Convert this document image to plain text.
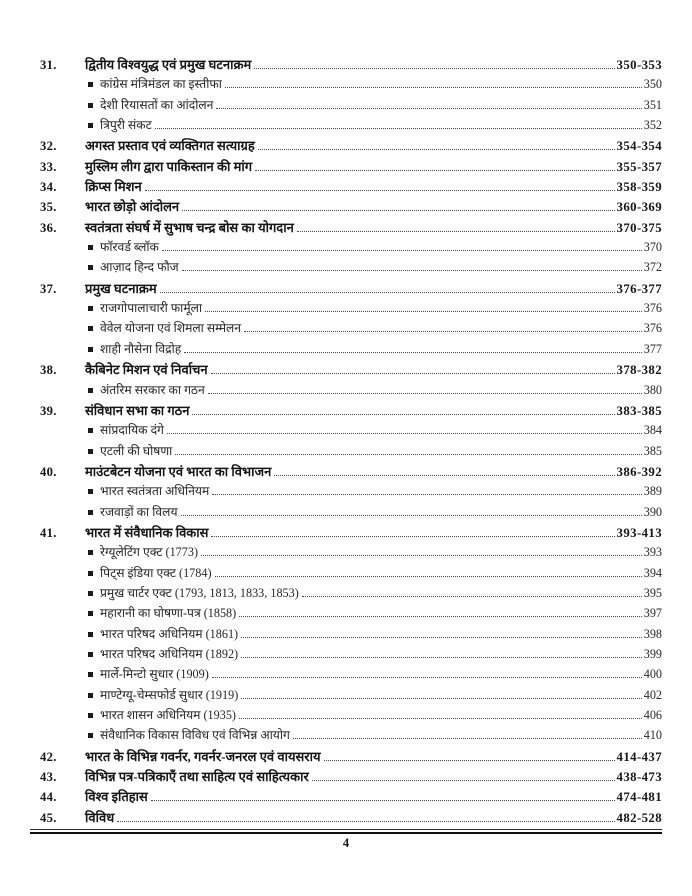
31.	द्वितीय विश्वयुद्ध एवं प्रमुख घटनाक्रम	350-353
कांग्रेस मंत्रिमंडल का इस्तीफा	350
देशी रियासतों का आंदोलन	351
त्रिपुरी संकट	352
32.	अगस्त प्रस्ताव एवं व्यक्तिगत सत्याग्रह	354-354
33.	मुस्लिम लीग द्वारा पाकिस्तान की मांग	355-357
34.	क्रिप्स मिशन	358-359
35.	भारत छोड़ो आंदोलन	360-369
36.	स्वतंत्रता संघर्ष में सुभाष चन्द्र बोस का योगदान	370-375
फॉरवर्ड ब्लॉक	370
आज़ाद हिन्द फौज	372
37.	प्रमुख घटनाक्रम	376-377
राजगोपालाचारी फार्मूला	376
वेवेल योजना एवं शिमला सम्मेलन	376
शाही नौसेना विद्रोह	377
38.	कैबिनेट मिशन एवं निर्वाचन	378-382
अंतरिम सरकार का गठन	380
39.	संविधान सभा का गठन	383-385
सांप्रदायिक दंगे	384
एटली की घोषणा	385
40.	माउंटबेटन योजना एवं भारत का विभाजन	386-392
भारत स्वतंत्रता अधिनियम	389
रजवाड़ों का विलय	390
41.	भारत में संवैधानिक विकास	393-413
रेग्यूलेटिंग एक्ट (1773)	393
पिट्स इंडिया एक्ट (1784)	394
प्रमुख चार्टर एक्ट (1793, 1813, 1833, 1853)	395
महारानी का घोषणा-पत्र (1858)	397
भारत परिषद अधिनियम (1861)	398
भारत परिषद अधिनियम (1892)	399
मार्ले-मिन्टो सुधार (1909)	400
माण्टेग्यू-चेम्सफोर्ड सुधार (1919)	402
भारत शासन अधिनियम (1935)	406
संवैधानिक विकास विविध एवं विभिन्न आयोग	410
42.	भारत के विभिन्न गवर्नर, गवर्नर-जनरल एवं वायसराय	414-437
43.	विभिन्न पत्र-पत्रिकाएँ तथा साहित्य एवं साहित्यकार	438-473
44.	विश्व इतिहास	474-481
45.	विविध	482-528
4
